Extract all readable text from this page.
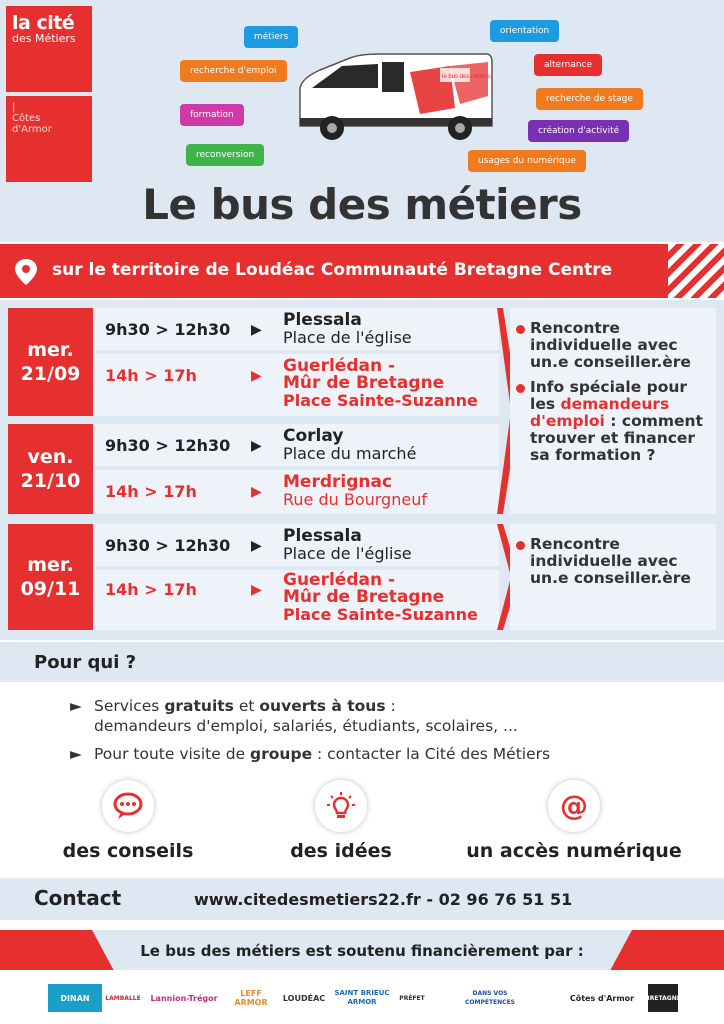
la cité
des Métiers
|
Côtes
d'Armor
métiers
recherche d'emploi
formation
reconversion
orientation
alternance
recherche de stage
création d'activité
usages du numérique
le bus des métiers
Le bus des métiers
sur le territoire de Loudéac Communauté Bretagne Centre
mer.
21/09
9h30 > 12h30 ▶ Plessala
Place de l'église
14h > 17h	▶ Guerlédan -
Mûr de Bretagne
Place Sainte-Suzanne
ven.
21/10
9h30 > 12h30 ▶ Corlay
Place du marché
14h > 17h	▶ Merdrignac
Rue du Bourgneuf
Rencontre individuelle avec un.e conseiller.ère
Info spéciale pour les demandeurs d'emploi : comment trouver et financer sa formation ?
mer.
09/11
9h30 > 12h30 ▶ Plessala
Place de l'église
14h > 17h	▶ Guerlédan -
Mûr de Bretagne
Place Sainte-Suzanne
Rencontre individuelle avec un.e conseiller.ère
Pour qui ?
► Services gratuits et ouverts à tous :
demandeurs d'emploi, salariés, étudiants, scolaires, ...
► Pour toute visite de groupe : contacter la Cité des Métiers
des conseils	des idées
@
un accès numérique
Contact	www.citedesmetiers22.fr - 02 96 76 51 51
Le bus des métiers est soutenu financièrement par :
DINAN	LAMBALLE	Lannion-Trégor	LEFF ARMOR	LOUDÉAC
SAINT BRIEUC ARMOR	PRÉFET
DANS VOS COMPÉTENCES	Côtes d'Armor	BRETAGNE
